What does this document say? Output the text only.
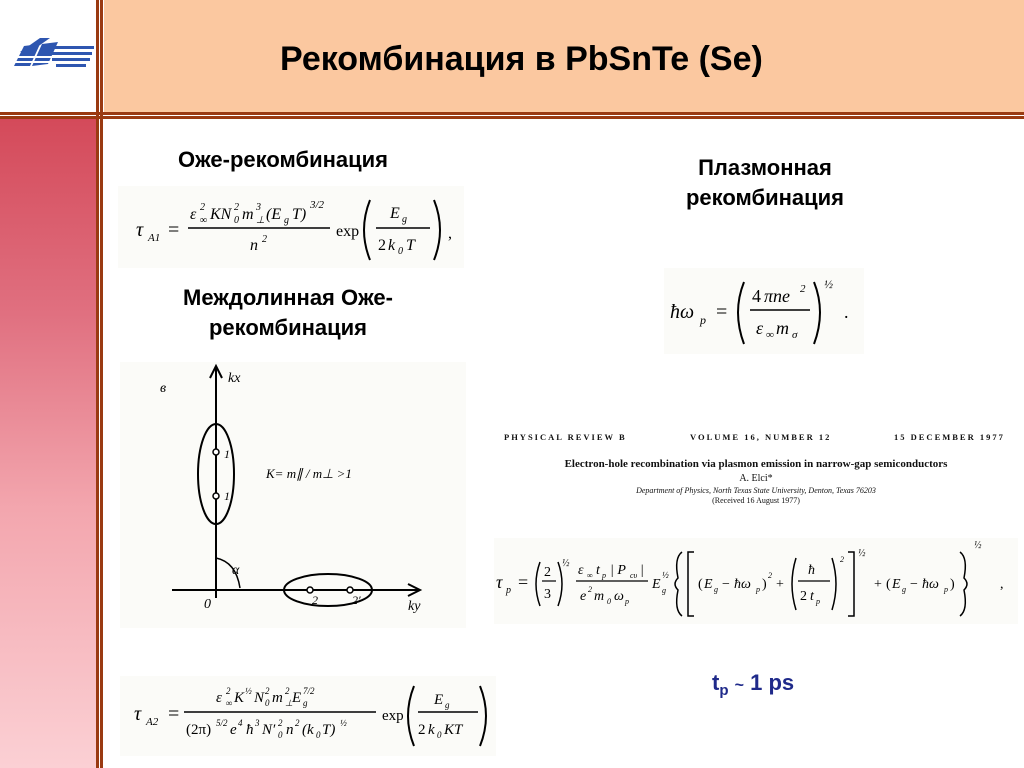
Рекомбинация в PbSnTe (Se)
Оже-рекомбинация
Междолинная Оже-
рекомбинация
Плазмонная
рекомбинация
τ A1 =
ε 2
∞ KN 2
0 m 3
⊥ (E g T)
3/2
n 2	exp
E g
2 k 0 T
,
ħω p =
4 πne 2
ε ∞ m σ
½
.
kx
ky
в
0
1′
1
2	2′
α
K= m∥ / m⊥ >1
τ A2 =
ε 2
∞ K ½ N 2
0 m 2
⊥ E 7/2
g
(2π) 5/2 e 4 ħ 3 N′ 2
0 n 2 (k 0 T) ½ exp
E g
2 k 0 KT
PHYSICAL REVIEW B	VOLUME 16, NUMBER 12	15 DECEMBER 1977
Electron-hole recombination via plasmon emission in narrow-gap semiconductors
A. Elci*
Department of Physics, North Texas State University, Denton, Texas 76203
(Received 16 August 1977)
τ p = 2
3
½ ε ∞ t p | P cυ |
e 2 m 0 ω p
E
½
g ( E g − ħω p )
2
+
ħ
2 t p
2
½
+ ( E g − ħω p )
½
,
$t_p$ ~ 1 ps
